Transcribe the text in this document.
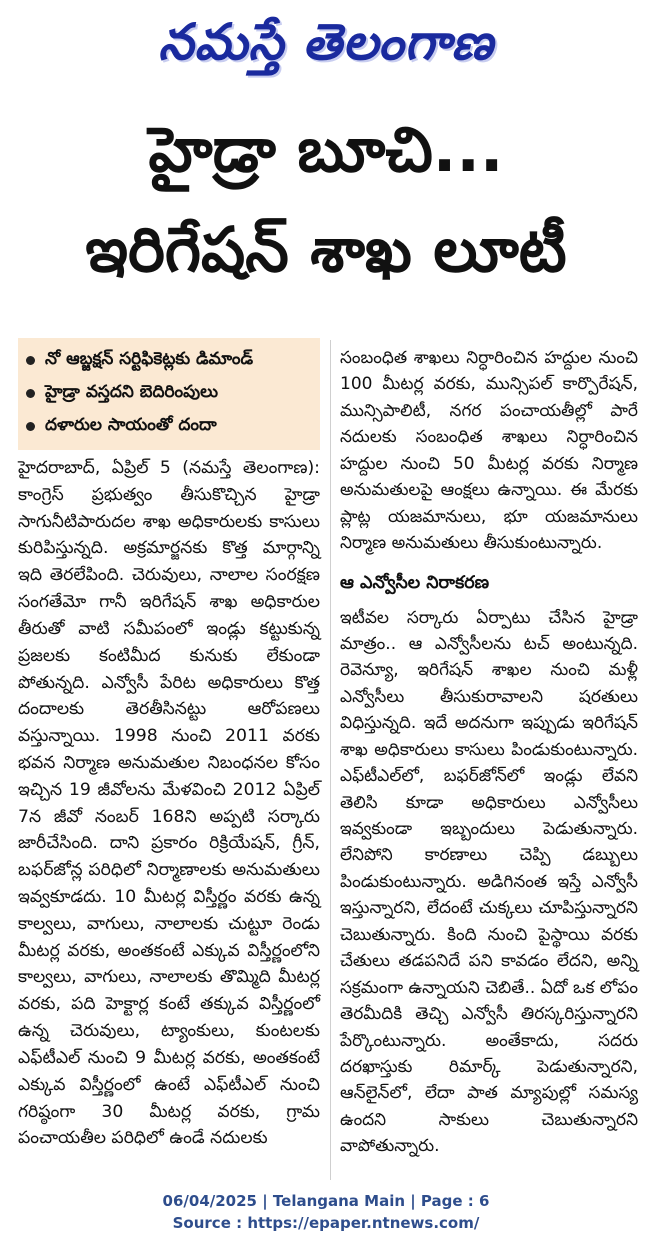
నమస్తే తెలంగాణ
హైడ్రా బూచి...
ఇరిగేషన్ శాఖ లూటీ
నో ఆబ్జక్షన్ సర్టిఫికెట్లకు డిమాండ్
హైడ్రా వస్తదని బెదిరింపులు
దళారుల సాయంతో దందా

హైదరాబాద్, ఏప్రిల్ 5 (నమస్తే తెలంగాణ): కాంగ్రెస్ ప్రభుత్వం తీసుకొచ్చిన హైడ్రా సాగునీటిపారుదల శాఖ అధికారులకు కాసులు కురిపిస్తున్నది. అక్రమార్జనకు కొత్త మార్గాన్ని ఇది తెరలేపింది. చెరువులు, నాలాల సంరక్షణ సంగతేమో గానీ ఇరిగేషన్ శాఖ అధికారుల తీరుతో వాటి సమీపంలో ఇండ్లు కట్టుకున్న ప్రజలకు కంటిమీద కునుకు లేకుండా పోతున్నది. ఎన్వోసీ పేరిట అధికారులు కొత్త దందాలకు తెరతీసినట్టు ఆరోపణలు వస్తున్నాయి. 1998 నుంచి 2011 వరకు భవన నిర్మాణ అనుమతుల నిబంధనల కోసం ఇచ్చిన 19 జీవోలను మేళవించి 2012 ఏప్రిల్ 7న జీవో నంబర్ 168ని అప్పటి సర్కారు జారీచేసింది. దాని ప్రకారం రిక్రియేషన్, గ్రీన్, బఫర్‌జోన్ల పరిధిలో నిర్మాణాలకు అనుమతులు ఇవ్వకూడదు. 10 మీటర్ల విస్తీర్ణం వరకు ఉన్న కాల్వలు, వాగులు, నాలాలకు చుట్టూ రెండు మీటర్ల వరకు, అంతకంటే ఎక్కువ విస్తీర్ణంలోని కాల్వలు, వాగులు, నాలాలకు తొమ్మిది మీటర్ల వరకు, పది హెక్టార్ల కంటే తక్కువ విస్తీర్ణంలో ఉన్న చెరువులు, ట్యాంకులు, కుంటలకు ఎఫ్‌టీఎల్ నుంచి 9 మీటర్ల వరకు, అంతకంటే ఎక్కువ విస్తీర్ణంలో ఉంటే ఎఫ్‌టీఎల్ నుంచి గరిష్ఠంగా 30 మీటర్ల వరకు, గ్రామ పంచాయతీల పరిధిలో ఉండే నదులకు

సంబంధిత శాఖలు నిర్ధారించిన హద్దుల నుంచి 100 మీటర్ల వరకు, మున్సిపల్ కార్పొరేషన్, మున్సిపాలిటీ, నగర పంచాయతీల్లో పారే నదులకు సంబంధిత శాఖలు నిర్ధారించిన హద్దుల నుంచి 50 మీటర్ల వరకు నిర్మాణ అనుమతులపై ఆంక్షలు ఉన్నాయి. ఈ మేరకు ప్లాట్ల యజమానులు, భూ యజమానులు నిర్మాణ అనుమతులు తీసుకుంటున్నారు.

ఆ ఎన్వోసీల నిరాకరణ

ఇటీవల సర్కారు ఏర్పాటు చేసిన హైడ్రా మాత్రం.. ఆ ఎన్వోసీలను టచ్ అంటున్నది. రెవెన్యూ, ఇరిగేషన్ శాఖల నుంచి మళ్లీ ఎన్వోసీలు తీసుకురావాలని షరతులు విధిస్తున్నది. ఇదే అదనుగా ఇప్పుడు ఇరిగేషన్ శాఖ అధికారులు కాసులు పిండుకుంటున్నారు. ఎఫ్‌టీఎల్‌లో, బఫర్‌జోన్‌లో ఇండ్లు లేవని తెలిసి కూడా అధికారులు ఎన్వోసీలు ఇవ్వకుండా ఇబ్బందులు పెడుతున్నారు. లేనిపోని కారణాలు చెప్పి డబ్బులు పిండుకుంటున్నారు. అడిగినంత ఇస్తే ఎన్వోసీ ఇస్తున్నారని, లేదంటే చుక్కలు చూపిస్తున్నారని చెబుతున్నారు. కింది నుంచి పైస్థాయి వరకు చేతులు తడపనిదే పని కావడం లేదని, అన్ని సక్రమంగా ఉన్నాయని చెబితే.. ఏదో ఒక లోపం తెరమీదికి తెచ్చి ఎన్వోసీ తిరస్కరిస్తున్నారని పేర్కొంటున్నారు. అంతేకాదు, సదరు దరఖాస్తుకు రిమార్క్ పెడుతున్నారని, ఆన్‌లైన్‌లో, లేదా పాత మ్యాపుల్లో సమస్య ఉందని సాకులు చెబుతున్నారని వాపోతున్నారు.

06/04/2025 | Telangana Main | Page : 6
Source : https://epaper.ntnews.com/
